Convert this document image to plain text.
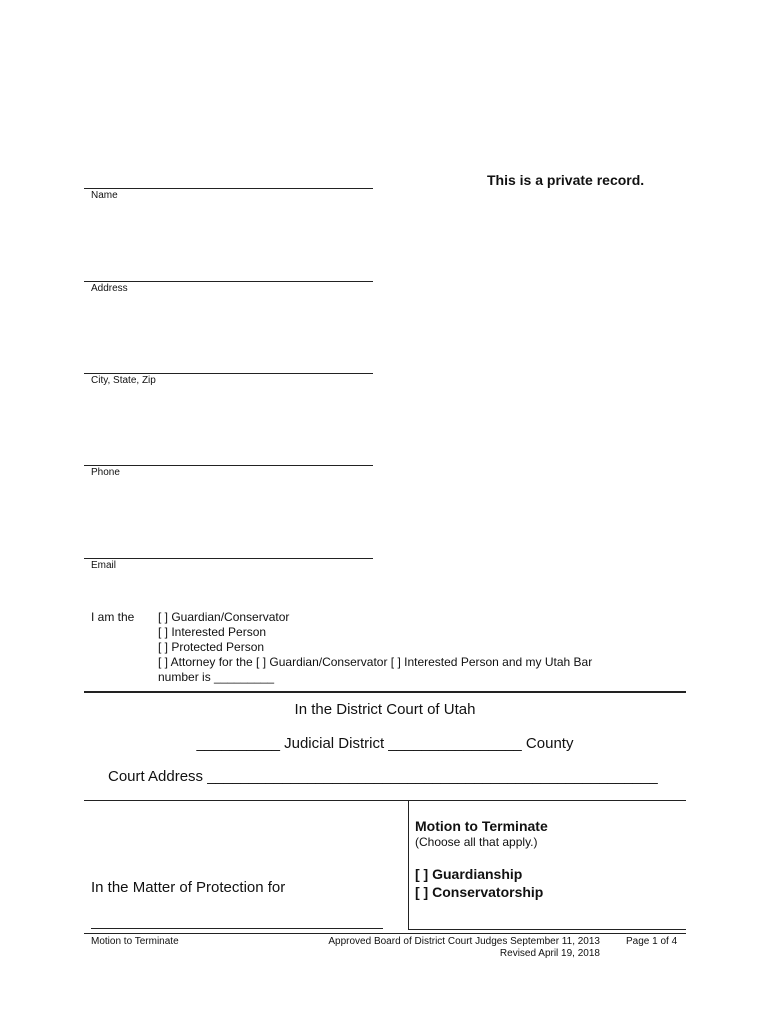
This is a private record.
Name
Address
City, State, Zip
Phone
Email
I am the [ ] Guardian/Conservator
[ ] Interested Person
[ ] Protected Person
[ ] Attorney for the [ ] Guardian/Conservator [ ] Interested Person and my Utah Bar
number is _________
In the District Court of Utah
__________ Judicial District ________________ County
Court Address ______________________________________________________
Motion to Terminate
(Choose all that apply.)
[ ] Guardianship
[ ] Conservatorship
In the Matter of Protection for
Motion to Terminate	Approved Board of District Court Judges September 11, 2013
Revised April 19, 2018
Page 1 of 4
